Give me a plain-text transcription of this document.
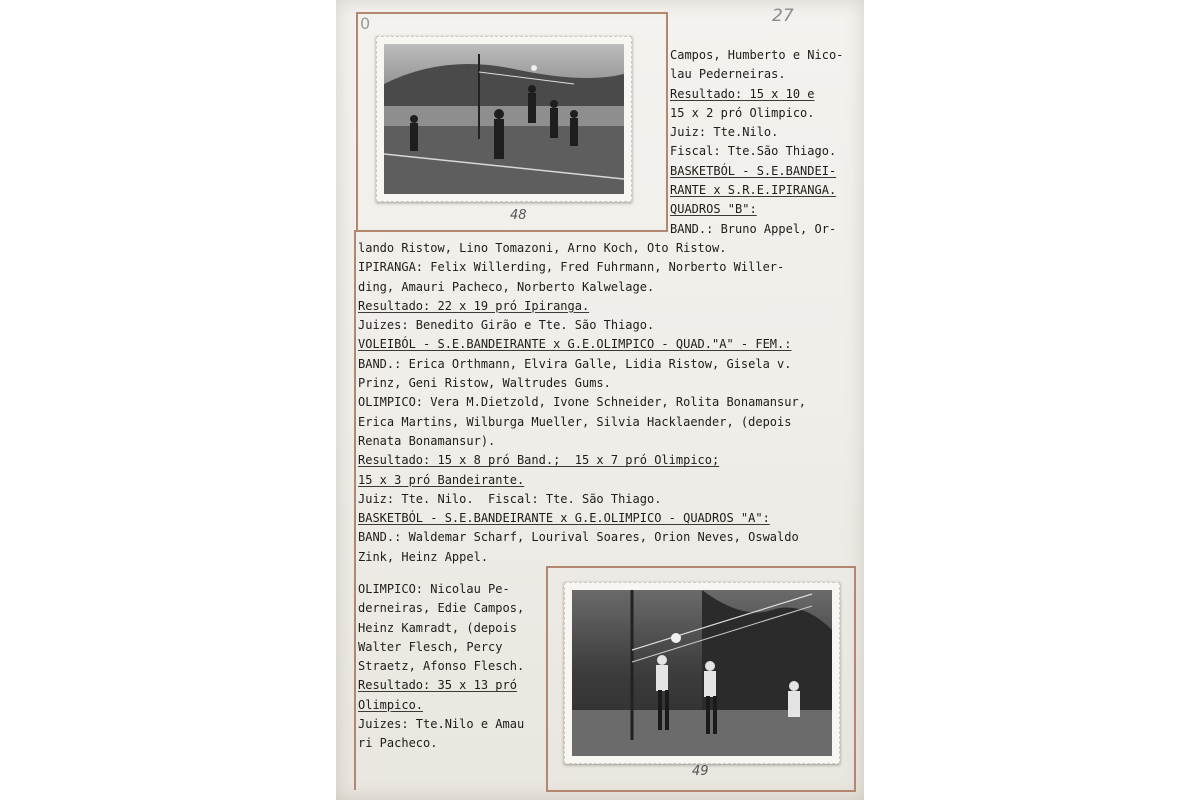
27
0
48
Campos, Humberto e Nico-
lau Pederneiras.
Resultado: 15 x 10 e
15 x 2 pró Olimpico.
Juiz: Tte.Nilo.
Fiscal: Tte.São Thiago.
BASKETBÓL - S.E.BANDEI-
RANTE x S.R.E.IPIRANGA.
QUADROS "B":
BAND.: Bruno Appel, Or-
lando Ristow, Lino Tomazoni, Arno Koch, Oto Ristow.
IPIRANGA: Felix Willerding, Fred Fuhrmann, Norberto Willer-
ding, Amauri Pacheco, Norberto Kalwelage.
Resultado: 22 x 19 pró Ipiranga.
Juizes: Benedito Girão e Tte. São Thiago.
VOLEIBÓL - S.E.BANDEIRANTE x G.E.OLIMPICO - QUAD."A" - FEM.:
BAND.: Erica Orthmann, Elvira Galle, Lidia Ristow, Gisela v.
Prinz, Geni Ristow, Waltrudes Gums.
OLIMPICO: Vera M.Dietzold, Ivone Schneider, Rolita Bonamansur,
Erica Martins, Wilburga Mueller, Silvia Hacklaender, (depois
Renata Bonamansur).
Resultado: 15 x 8 pró Band.;  15 x 7 pró Olimpico;
15 x 3 pró Bandeirante.
Juiz: Tte. Nilo.  Fiscal: Tte. São Thiago.
BASKETBÓL - S.E.BANDEIRANTE x G.E.OLIMPICO - QUADROS "A":
BAND.: Waldemar Scharf, Lourival Soares, Orion Neves, Oswaldo
Zink, Heinz Appel.
OLIMPICO: Nicolau Pe-
derneiras, Edie Campos,
Heinz Kamradt, (depois
Walter Flesch, Percy
Straetz, Afonso Flesch.
Resultado: 35 x 13 pró
Olimpico.
Juizes: Tte.Nilo e Amau
ri Pacheco.
49
